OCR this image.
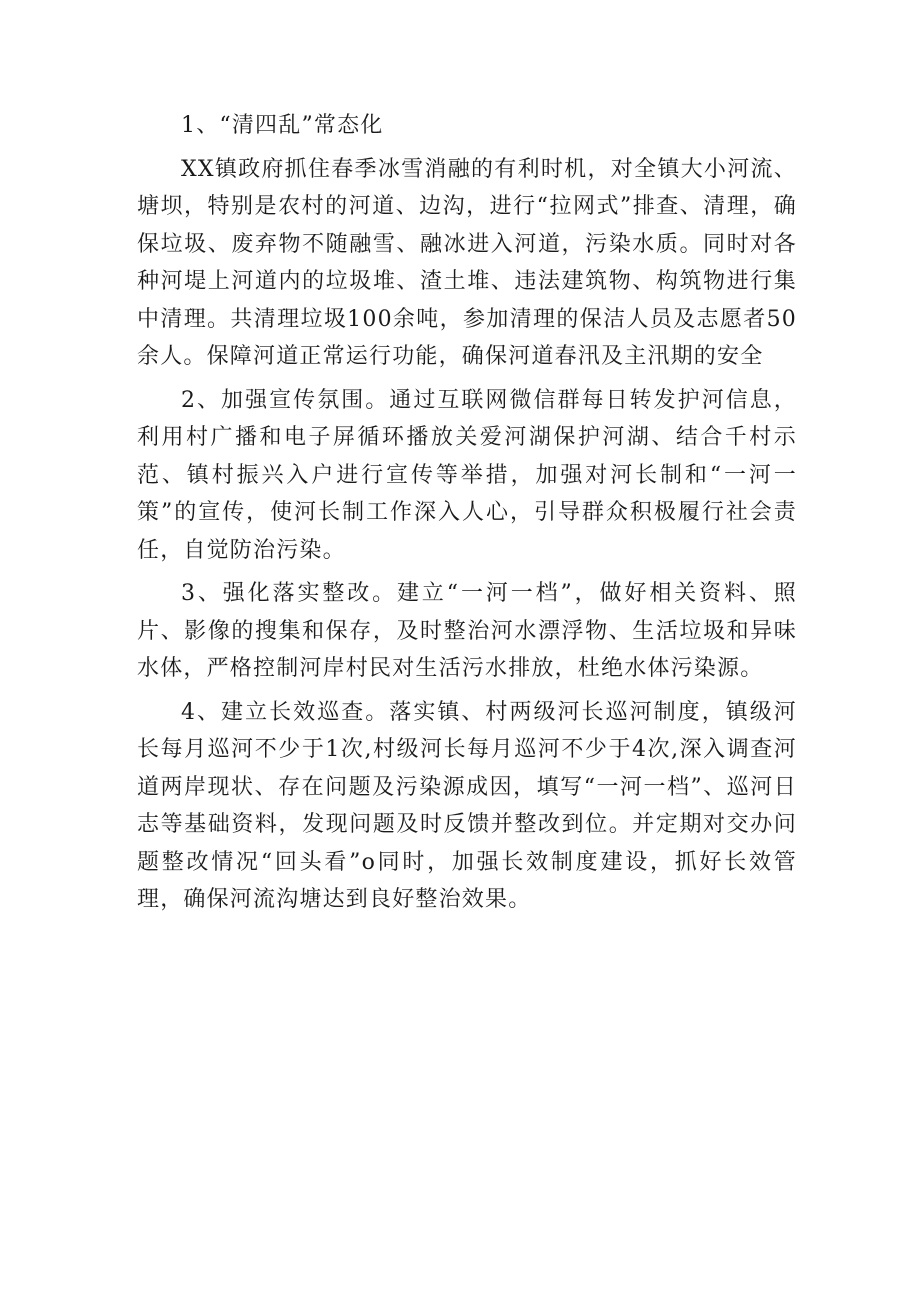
1、“清四乱”常态化

XX镇政府抓住春季冰雪消融的有利时机，对全镇大小河流、塘坝，特别是农村的河道、边沟，进行“拉网式”排查、清理，确保垃圾、废弃物不随融雪、融冰进入河道，污染水质。同时对各种河堤上河道内的垃圾堆、渣土堆、违法建筑物、构筑物进行集中清理。共清理垃圾100余吨，参加清理的保洁人员及志愿者50余人。保障河道正常运行功能，确保河道春汛及主汛期的安全

2、加强宣传氛围。通过互联网微信群每日转发护河信息，利用村广播和电子屏循环播放关爱河湖保护河湖、结合千村示范、镇村振兴入户进行宣传等举措，加强对河长制和“一河一策”的宣传，使河长制工作深入人心，引导群众积极履行社会责任，自觉防治污染。

3、强化落实整改。建立“一河一档”，做好相关资料、照片、影像的搜集和保存，及时整治河水漂浮物、生活垃圾和异味水体，严格控制河岸村民对生活污水排放，杜绝水体污染源。

4、建立长效巡查。落实镇、村两级河长巡河制度，镇级河长每月巡河不少于1次,村级河长每月巡河不少于4次,深入调查河道两岸现状、存在问题及污染源成因，填写“一河一档”、巡河日志等基础资料，发现问题及时反馈并整改到位。并定期对交办问题整改情况“回头看”o同时，加强长效制度建设，抓好长效管理，确保河流沟塘达到良好整治效果。
